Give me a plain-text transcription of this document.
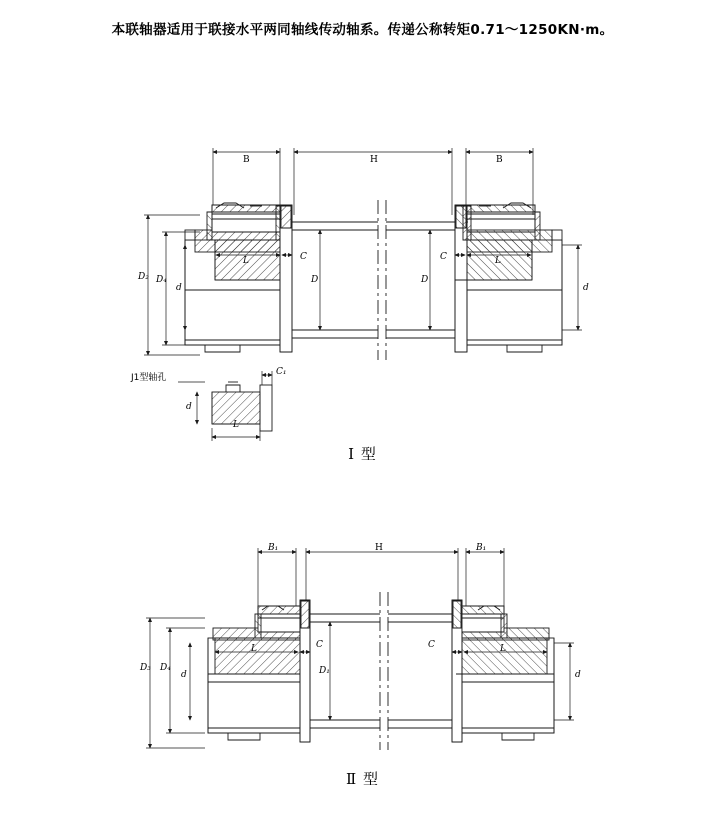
本联轴器适用于联接水平两同轴线传动轴系。传递公称转矩0.71～1250KN·m。
B	H	B
D₂ D₄
d
L	C
D	D
C	L
d
J1型轴孔
C₁
d
L
Ⅰ 型
B₁	H	B₁
D₃ D₄
d
L	C
D₁
C	L
d
Ⅱ 型
